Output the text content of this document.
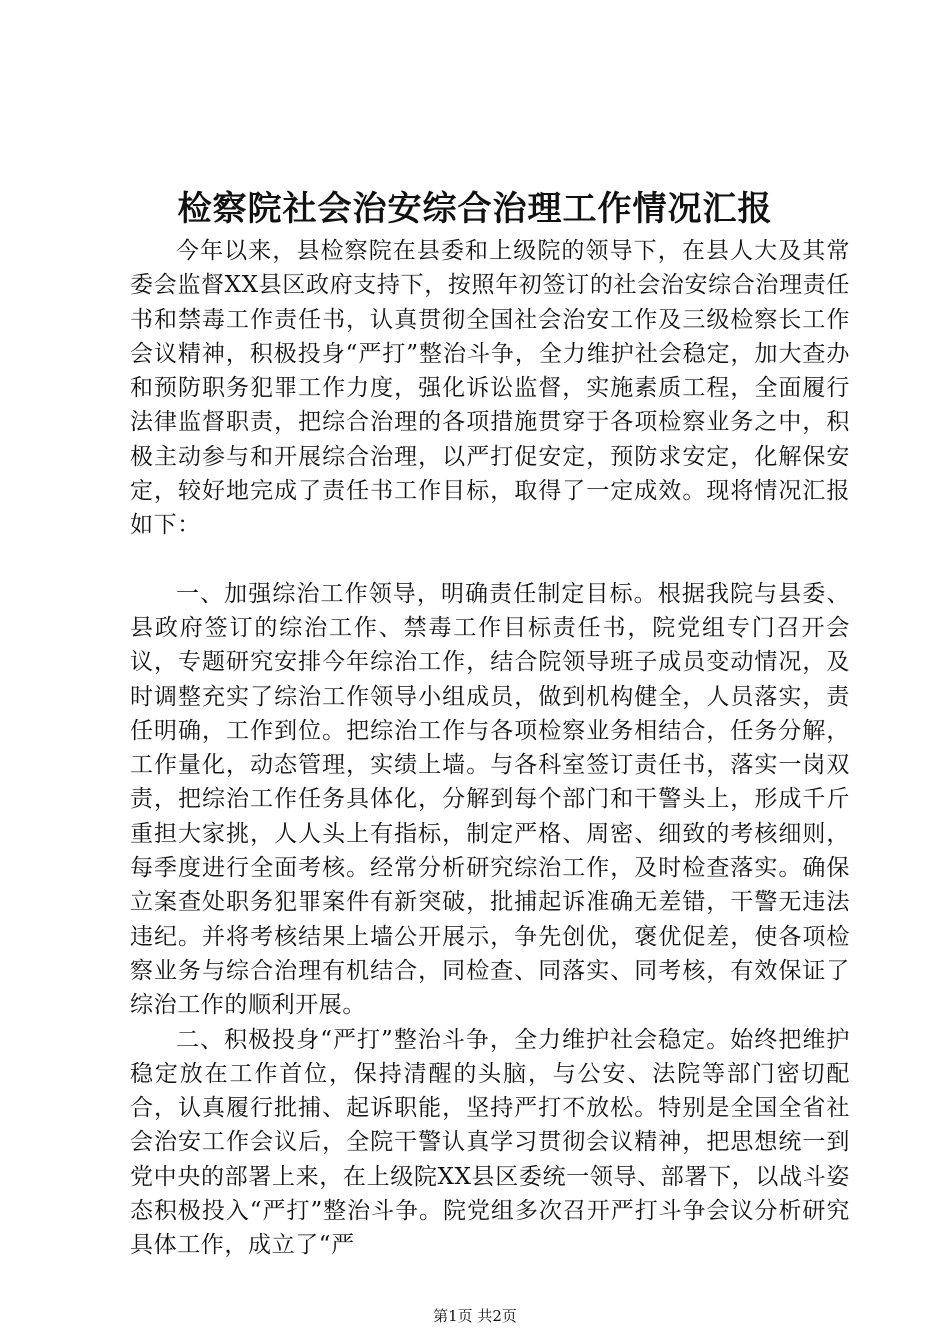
检察院社会治安综合治理工作情况汇报

今年以来，县检察院在县委和上级院的领导下，在县人大及其常委会监督XX县区政府支持下，按照年初签订的社会治安综合治理责任书和禁毒工作责任书，认真贯彻全国社会治安工作及三级检察长工作会议精神，积极投身“严打”整治斗争，全力维护社会稳定，加大查办和预防职务犯罪工作力度，强化诉讼监督，实施素质工程，全面履行法律监督职责，把综合治理的各项措施贯穿于各项检察业务之中，积极主动参与和开展综合治理，以严打促安定，预防求安定，化解保安定，较好地完成了责任书工作目标，取得了一定成效。现将情况汇报如下：

一、加强综治工作领导，明确责任制定目标。根据我院与县委、县政府签订的综治工作、禁毒工作目标责任书，院党组专门召开会议，专题研究安排今年综治工作，结合院领导班子成员变动情况，及时调整充实了综治工作领导小组成员，做到机构健全，人员落实，责任明确，工作到位。把综治工作与各项检察业务相结合，任务分解，工作量化，动态管理，实绩上墙。与各科室签订责任书，落实一岗双责，把综治工作任务具体化，分解到每个部门和干警头上，形成千斤重担大家挑，人人头上有指标，制定严格、周密、细致的考核细则，每季度进行全面考核。经常分析研究综治工作，及时检查落实。确保立案查处职务犯罪案件有新突破，批捕起诉准确无差错，干警无违法违纪。并将考核结果上墙公开展示，争先创优，褒优促差，使各项检察业务与综合治理有机结合，同检查、同落实、同考核，有效保证了综治工作的顺利开展。

二、积极投身“严打”整治斗争，全力维护社会稳定。始终把维护稳定放在工作首位，保持清醒的头脑，与公安、法院等部门密切配合，认真履行批捕、起诉职能，坚持严打不放松。特别是全国全省社会治安工作会议后，全院干警认真学习贯彻会议精神，把思想统一到党中央的部署上来，在上级院XX县区委统一领导、部署下，以战斗姿态积极投入“严打”整治斗争。院党组多次召开严打斗争会议分析研究具体工作，成立了“严

第1页 共2页
